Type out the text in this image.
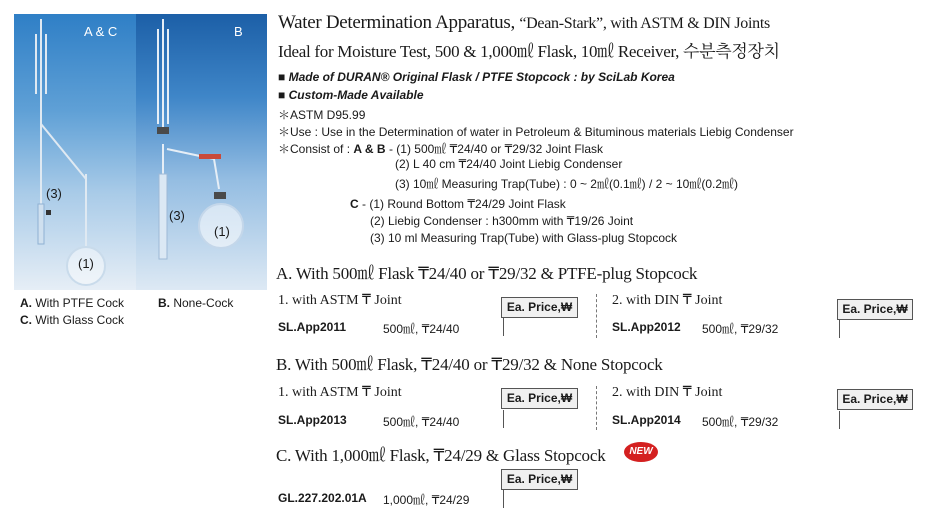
A & C	B
(3)
(1)
(3)
(1)
A. With PTFE Cock	B. None-Cock
C. With Glass Cock
Water Determination Apparatus, “Dean-Stark”, with ASTM & DIN Joints
Ideal for Moisture Test, 500 & 1,000㎖ Flask, 10㎖ Receiver, 수분측정장치
■ Made of DURAN® Original Flask / PTFE Stopcock : by SciLab Korea
■ Custom-Made Available
＊ASTM D95.99
＊Use : Use in the Determination of water in Petroleum & Bituminous materials Liebig Condenser
＊Consist of : A & B - (1) 500㎖ ₸24/40 or ₸29/32 Joint Flask
(2) L 40 cm ₸24/40 Joint Liebig Condenser
(3) 10㎖ Measuring Trap(Tube) : 0 ~ 2㎖(0.1㎖) / 2 ~ 10㎖(0.2㎖)
C - (1) Round Bottom ₸24/29 Joint Flask
(2) Liebig Condenser : h300mm with ₸19/26 Joint
(3) 10 ml Measuring Trap(Tube) with Glass-plug Stopcock
A. With 500㎖ Flask ₸24/40 or ₸29/32 & PTFE-plug Stopcock
1. with ASTM ₸ Joint	Ea. Price,₩
SL.App2011	500㎖, ₸24/40
2. with DIN ₸ Joint
Ea. Price,₩
SL.App2012 500㎖, ₸29/32
B. With 500㎖ Flask, ₸24/40 or ₸29/32 & None Stopcock
1. with ASTM ₸ Joint	Ea. Price,₩
SL.App2013	500㎖, ₸24/40
2. with DIN ₸ Joint	Ea. Price,₩
SL.App2014 500㎖, ₸29/32
C. With 1,000㎖ Flask, ₸24/29 & Glass Stopcock	NEW
Ea. Price,₩
GL.227.202.01A 1,000㎖, ₸24/29
